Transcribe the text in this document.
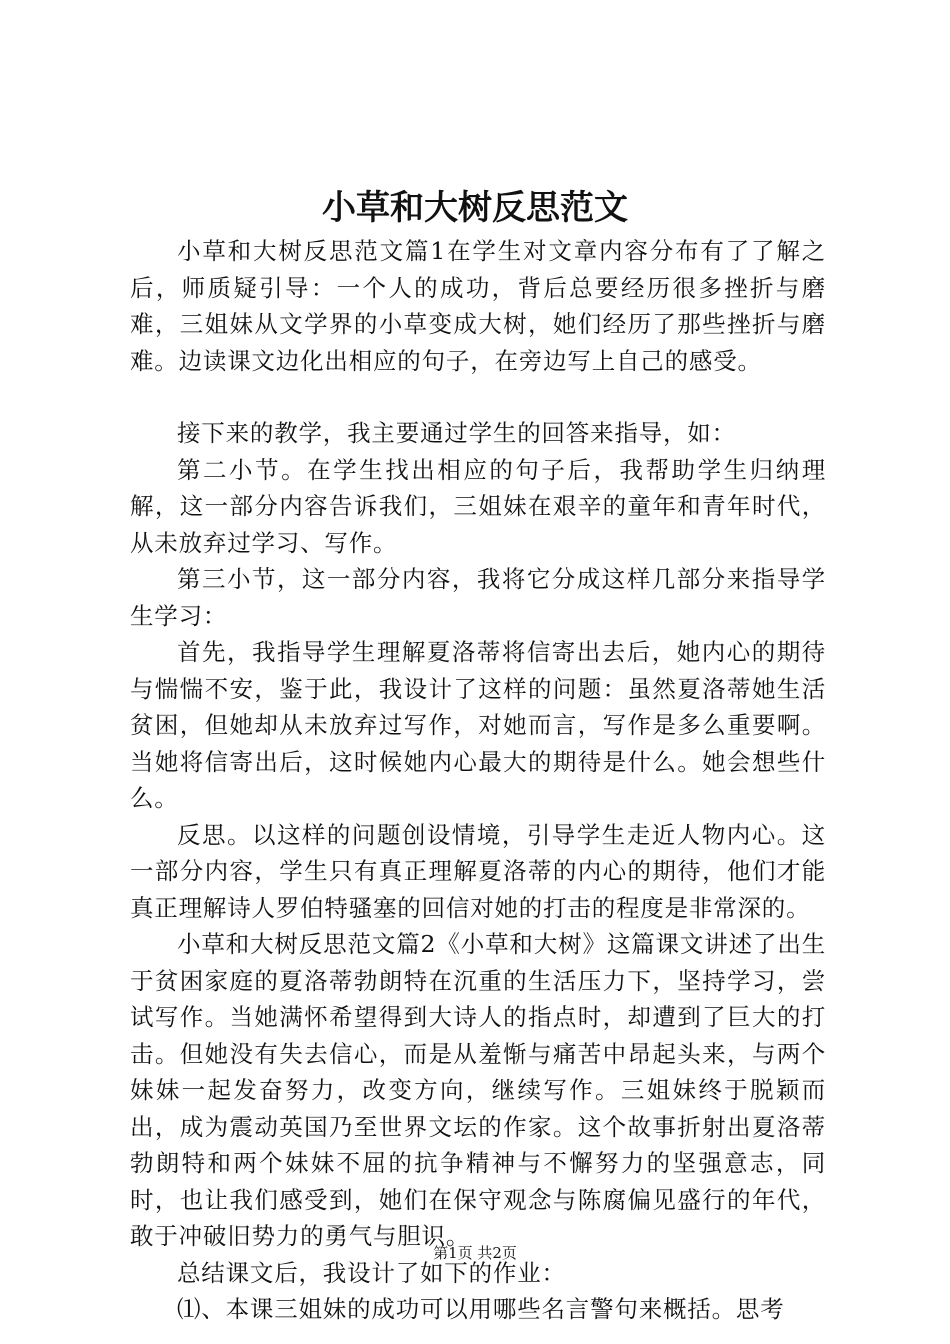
小草和大树反思范文

小草和大树反思范文篇1在学生对文章内容分布有了了解之后，师质疑引导：一个人的成功，背后总要经历很多挫折与磨难，三姐妹从文学界的小草变成大树，她们经历了那些挫折与磨难。边读课文边化出相应的句子，在旁边写上自己的感受。

接下来的教学，我主要通过学生的回答来指导，如：

第二小节。在学生找出相应的句子后，我帮助学生归纳理解，这一部分内容告诉我们，三姐妹在艰辛的童年和青年时代，从未放弃过学习、写作。

第三小节，这一部分内容，我将它分成这样几部分来指导学生学习：

首先，我指导学生理解夏洛蒂将信寄出去后，她内心的期待与惴惴不安，鉴于此，我设计了这样的问题：虽然夏洛蒂她生活贫困，但她却从未放弃过写作，对她而言，写作是多么重要啊。当她将信寄出后，这时候她内心最大的期待是什么。她会想些什么。

反思。以这样的问题创设情境，引导学生走近人物内心。这一部分内容，学生只有真正理解夏洛蒂的内心的期待，他们才能真正理解诗人罗伯特骚塞的回信对她的打击的程度是非常深的。

小草和大树反思范文篇2《小草和大树》这篇课文讲述了出生于贫困家庭的夏洛蒂勃朗特在沉重的生活压力下，坚持学习，尝试写作。当她满怀希望得到大诗人的指点时，却遭到了巨大的打击。但她没有失去信心，而是从羞惭与痛苦中昂起头来，与两个妹妹一起发奋努力，改变方向，继续写作。三姐妹终于脱颖而出，成为震动英国乃至世界文坛的作家。这个故事折射出夏洛蒂勃朗特和两个妹妹不屈的抗争精神与不懈努力的坚强意志，同时，也让我们感受到，她们在保守观念与陈腐偏见盛行的年代，敢于冲破旧势力的勇气与胆识。

总结课文后，我设计了如下的作业：

⑴、本课三姐妹的成功可以用哪些名言警句来概括。思考

第1页 共2页
